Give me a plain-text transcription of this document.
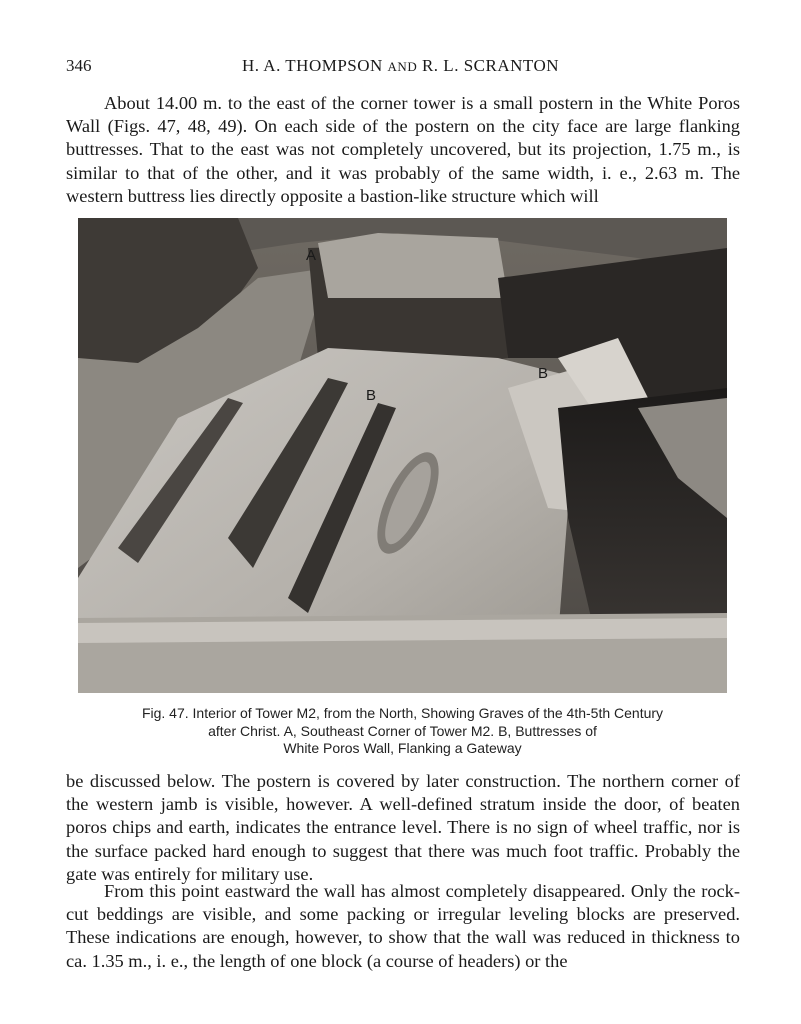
346	H. A. THOMPSON AND R. L. SCRANTON

About 14.00 m. to the east of the corner tower is a small postern in the White Poros Wall (Figs. 47, 48, 49). On each side of the postern on the city face are large flanking buttresses. That to the east was not completely uncovered, but its projection, 1.75 m., is similar to that of the other, and it was probably of the same width, i. e., 2.63 m. The western buttress lies directly opposite a bastion-like structure which will

A
B
B
Fig. 47. Interior of Tower M2, from the North, Showing Graves of the 4th-5th Century
after Christ. A, Southeast Corner of Tower M2. B, Buttresses of
White Poros Wall, Flanking a Gateway

be discussed below. The postern is covered by later construction. The northern corner of the western jamb is visible, however. A well-defined stratum inside the door, of beaten poros chips and earth, indicates the entrance level. There is no sign of wheel traffic, nor is the surface packed hard enough to suggest that there was much foot traffic. Probably the gate was entirely for military use.

From this point eastward the wall has almost completely disappeared. Only the rock-cut beddings are visible, and some packing or irregular leveling blocks are preserved. These indications are enough, however, to show that the wall was reduced in thickness to ca. 1.35 m., i. e., the length of one block (a course of headers) or the
